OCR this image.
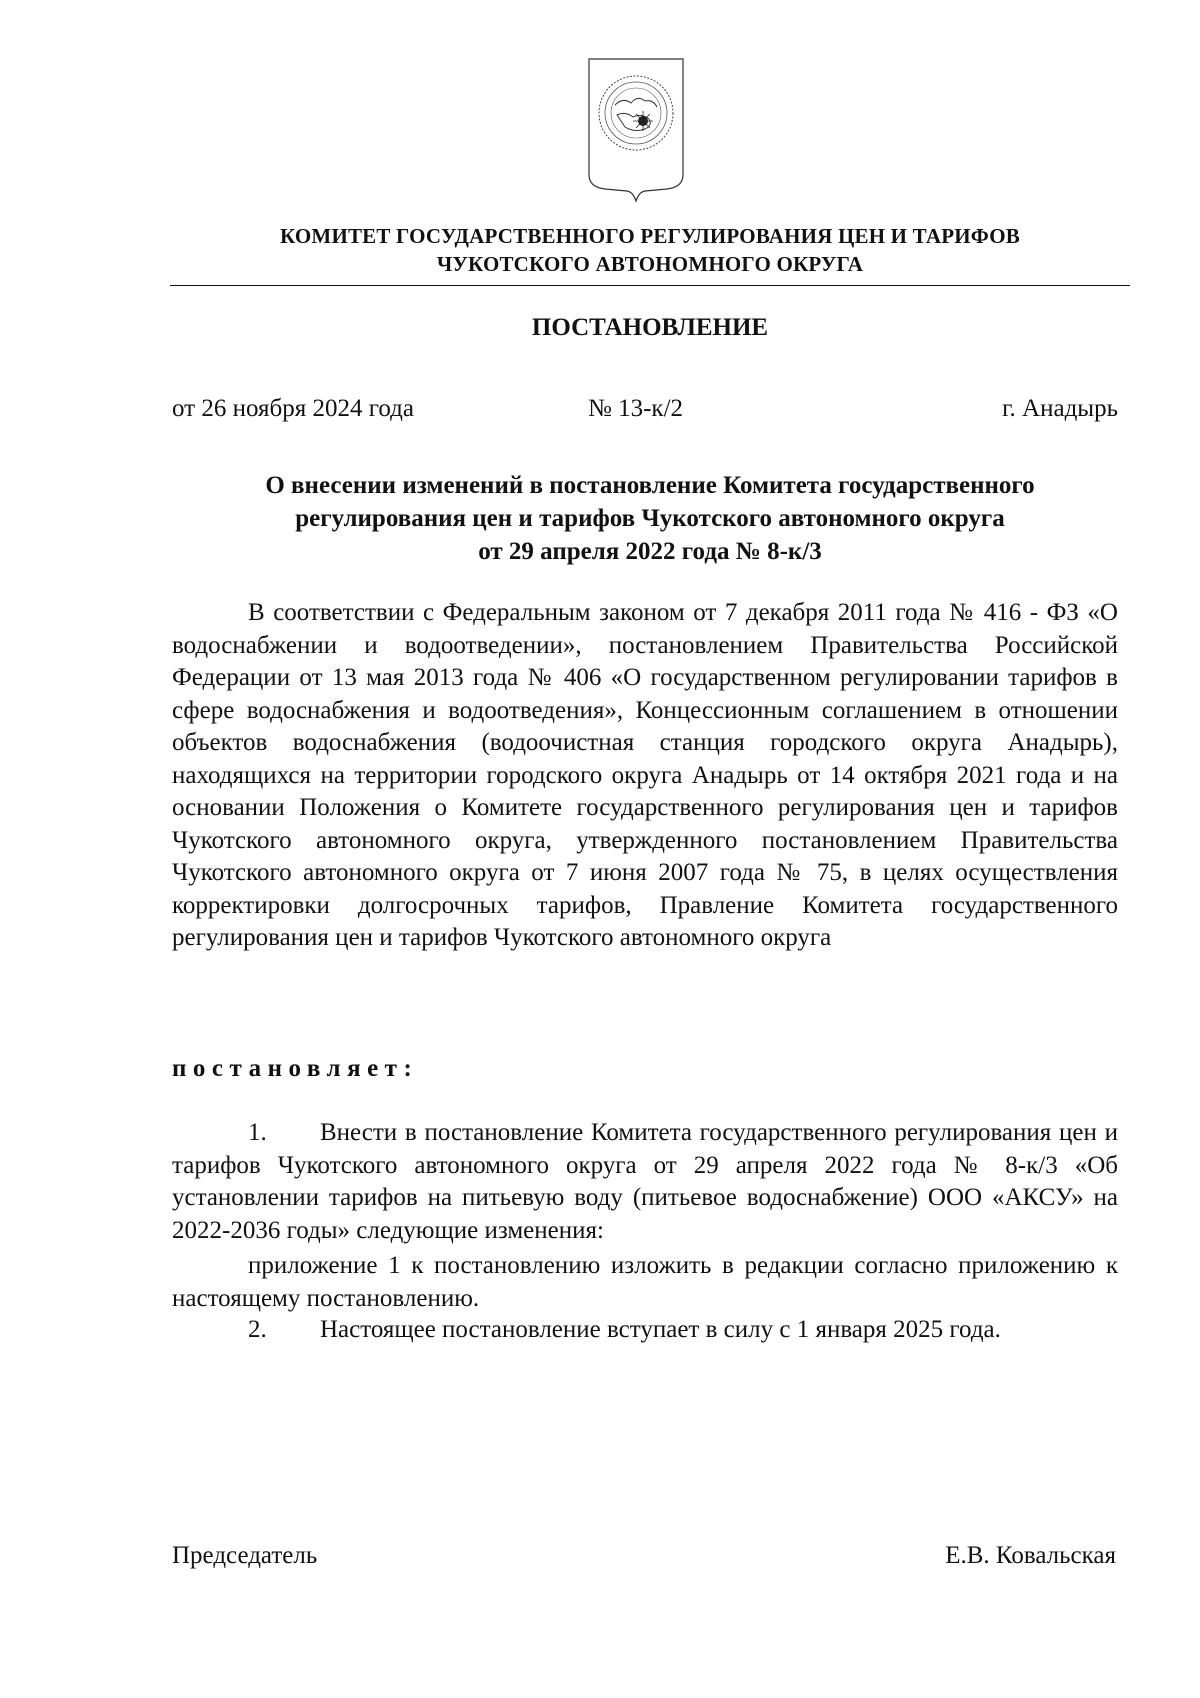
КОМИТЕТ ГОСУДАРСТВЕННОГО РЕГУЛИРОВАНИЯ ЦЕН И ТАРИФОВ
ЧУКОТСКОГО АВТОНОМНОГО ОКРУГА
ПОСТАНОВЛЕНИЕ
от 26 ноября 2024 года	№ 13-к/2	г. Анадырь
О внесении изменений в постановление Комитета государственного
регулирования цен и тарифов Чукотского автономного округа
от 29 апреля 2022 года № 8-к/3
В соответствии с Федеральным законом от 7 декабря 2011 года № 416 - ФЗ «О водоснабжении и водоотведении», постановлением Правительства Российской Федерации от 13 мая 2013 года № 406 «О государственном регулировании тарифов в сфере водоснабжения и водоотведения», Концессионным соглашением в отношении объектов водоснабжения (водоочистная станция городского округа Анадырь), находящихся на территории городского округа Анадырь от 14 октября 2021 года и на основании Положения о Комитете государственного регулирования цен и тарифов Чукотского автономного округа, утвержденного постановлением Правительства Чукотского автономного округа от 7 июня 2007 года № 75, в целях осуществления корректировки долгосрочных тарифов, Правление Комитета государственного регулирования цен и тарифов Чукотского автономного округа
постановляет:
1. Внести в постановление Комитета государственного регулирования цен и тарифов Чукотского автономного округа от 29 апреля 2022 года № 8-к/3 «Об установлении тарифов на питьевую воду (питьевое водоснабжение) ООО «АКСУ» на 2022-2036 годы» следующие изменения:
приложение 1 к постановлению изложить в редакции согласно приложению к настоящему постановлению.
2. Настоящее постановление вступает в силу с 1 января 2025 года.
Председатель	Е.В. Ковальская
